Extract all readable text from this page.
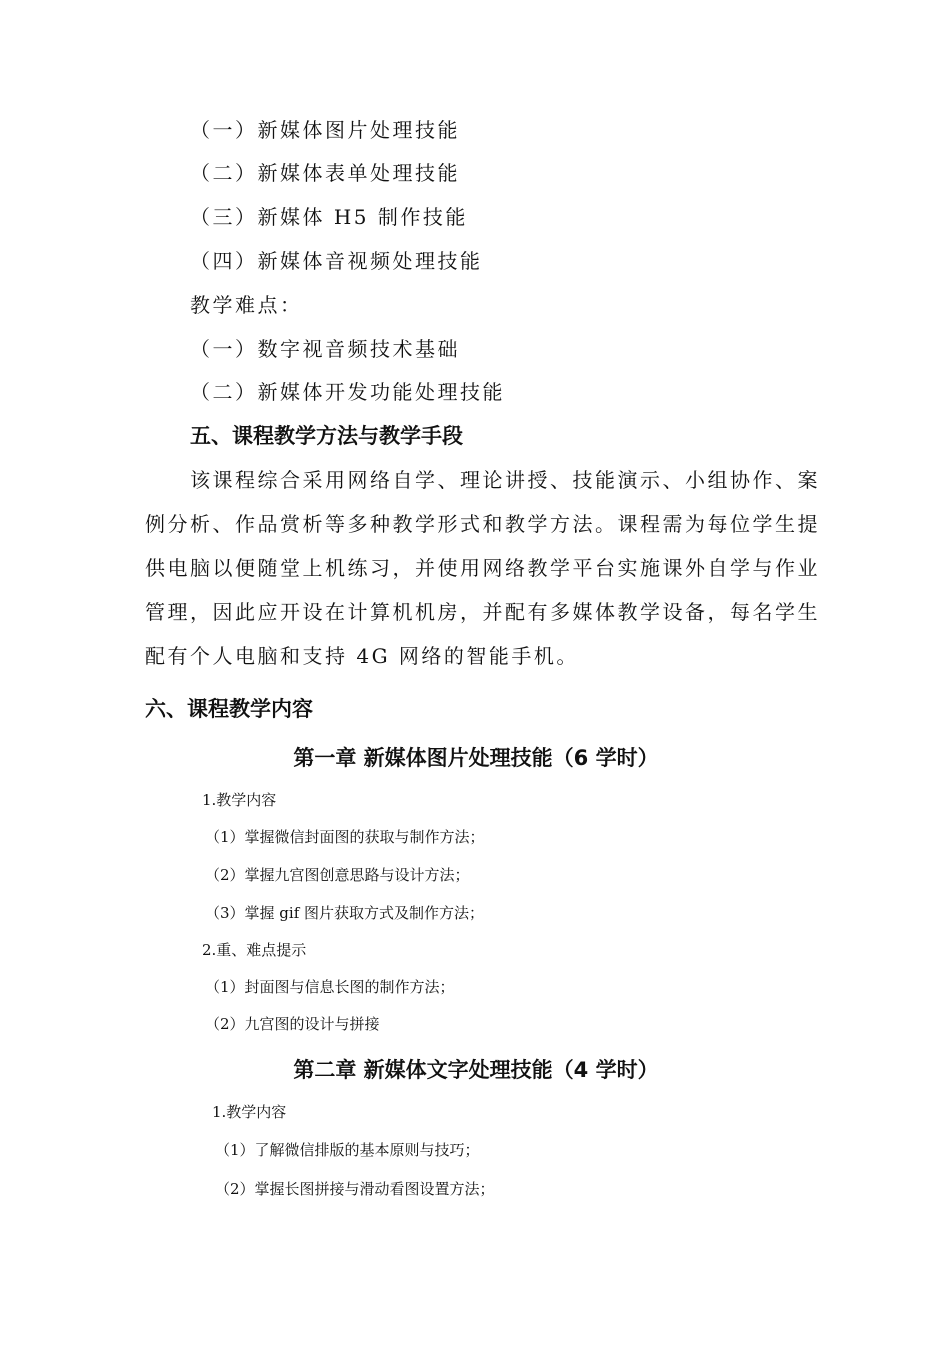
（一）新媒体图片处理技能
（二）新媒体表单处理技能
（三）新媒体 H5 制作技能
（四）新媒体音视频处理技能
教学难点：
（一）数字视音频技术基础
（二）新媒体开发功能处理技能
五、课程教学方法与教学手段
该课程综合采用网络自学、理论讲授、技能演示、小组协作、案
例分析、作品赏析等多种教学形式和教学方法。课程需为每位学生提
供电脑以便随堂上机练习，并使用网络教学平台实施课外自学与作业
管理，因此应开设在计算机机房，并配有多媒体教学设备，每名学生
配有个人电脑和支持 4G 网络的智能手机。
六、课程教学内容
第一章 新媒体图片处理技能（6 学时）
1.教学内容
（1）掌握微信封面图的获取与制作方法；
（2）掌握九宫图创意思路与设计方法；
（3）掌握 gif 图片获取方式及制作方法；
2.重、难点提示
（1）封面图与信息长图的制作方法；
（2）九宫图的设计与拼接
第二章 新媒体文字处理技能（4 学时）
1.教学内容
（1）了解微信排版的基本原则与技巧；
（2）掌握长图拼接与滑动看图设置方法；
